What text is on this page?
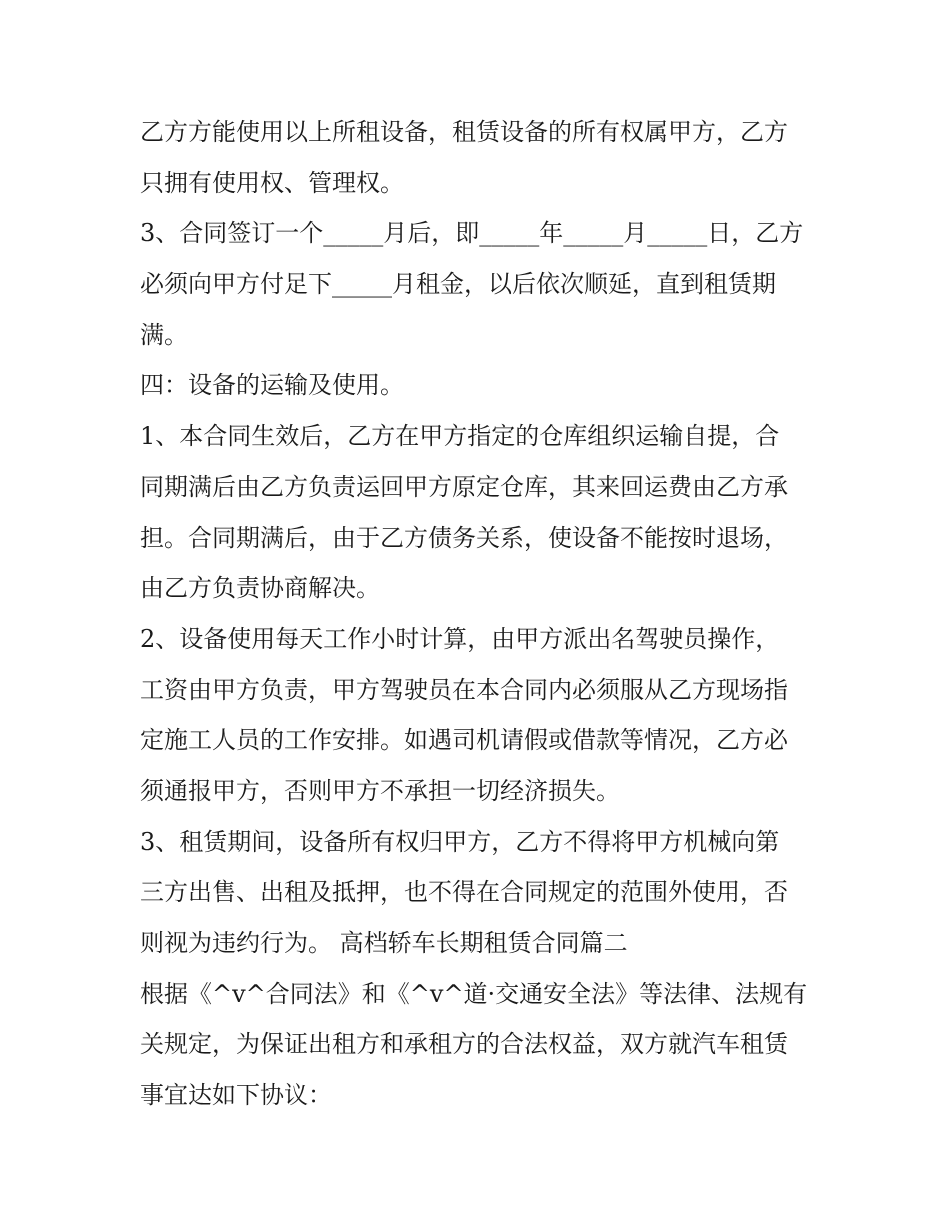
乙方方能使用以上所租设备，租赁设备的所有权属甲方，乙方
只拥有使用权、管理权。
3、合同签订一个_____月后，即_____年_____月_____日，乙方
必须向甲方付足下_____月租金，以后依次顺延，直到租赁期
满。
四：设备的运输及使用。
1、本合同生效后，乙方在甲方指定的仓库组织运输自提，合
同期满后由乙方负责运回甲方原定仓库，其来回运费由乙方承
担。合同期满后，由于乙方债务关系，使设备不能按时退场，
由乙方负责协商解决。
2、设备使用每天工作小时计算，由甲方派出名驾驶员操作，
工资由甲方负责，甲方驾驶员在本合同内必须服从乙方现场指
定施工人员的工作安排。如遇司机请假或借款等情况，乙方必
须通报甲方，否则甲方不承担一切经济损失。
3、租赁期间，设备所有权归甲方，乙方不得将甲方机械向第
三方出售、出租及抵押，也不得在合同规定的范围外使用，否
则视为违约行为。 高档轿车长期租赁合同篇二
根据《^v^合同法》和《^v^道·交通安全法》等法律、法规有
关规定，为保证出租方和承租方的合法权益，双方就汽车租赁
事宜达如下协议：
